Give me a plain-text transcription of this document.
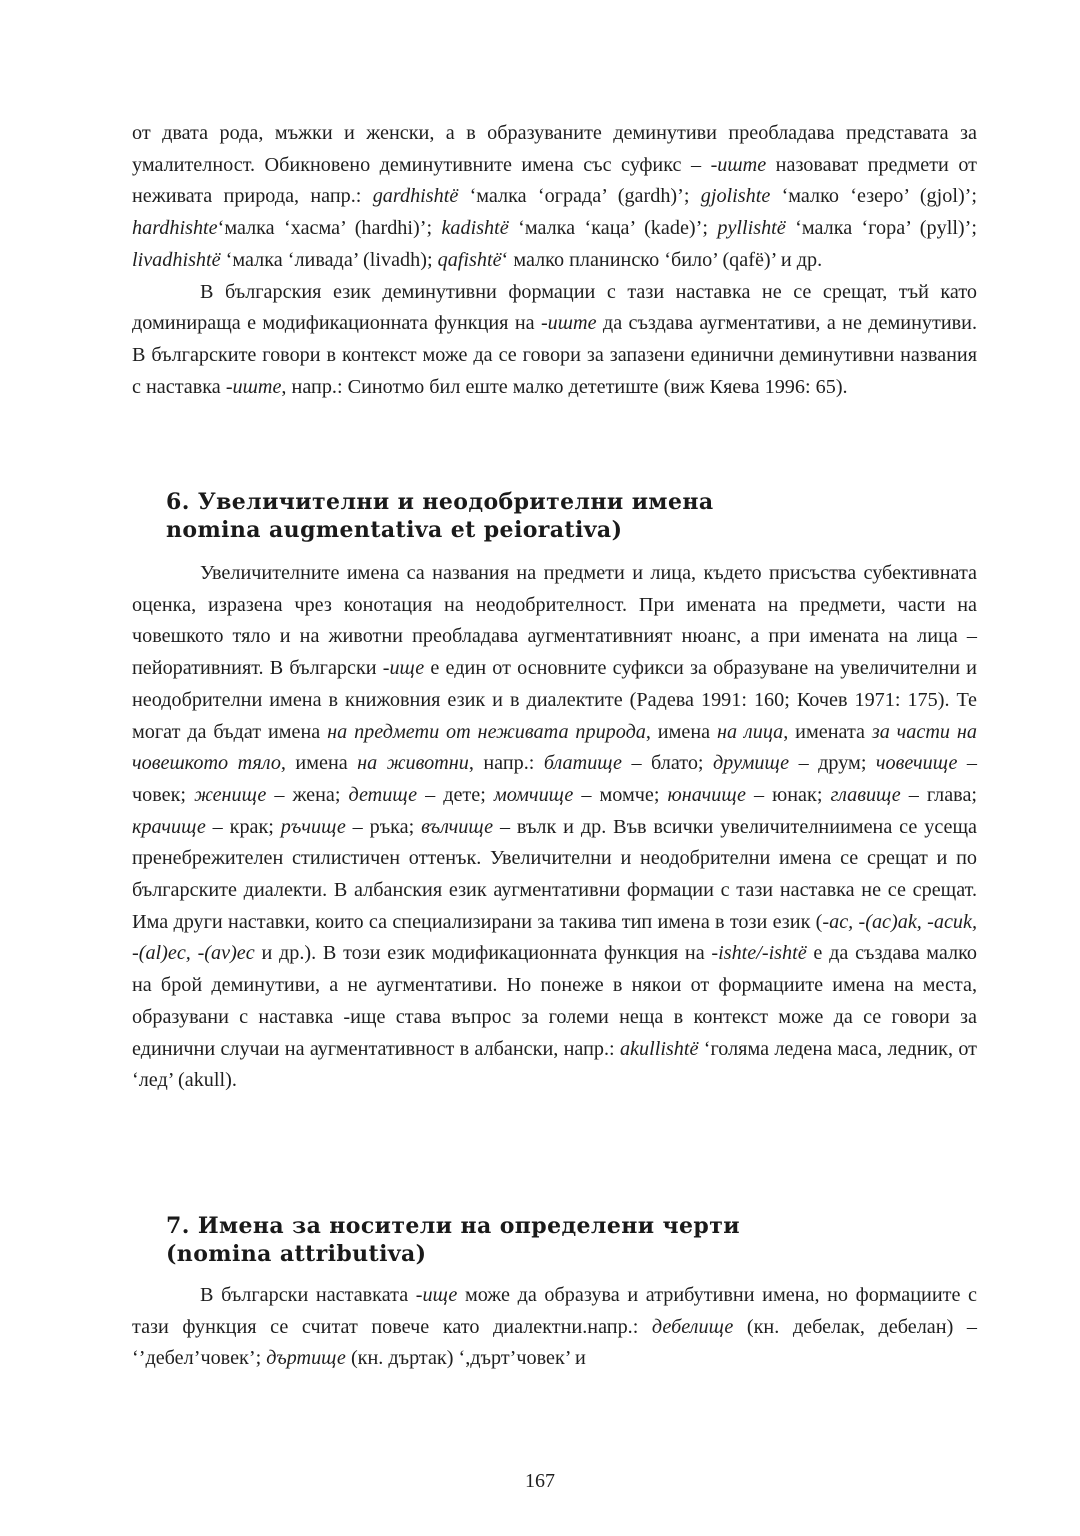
от двата рода, мъжки и женски, а в образуваните деминутиви преобладава представата за умалителност. Обикновено деминутивните имена със суфикс – -иште назовават предмети от неживата природа, напр.: gardhishtë ‘малка ‘ограда’ (gardh)’; gjolishte ‘малко ‘езеро’ (gjol)’; hardhishte‘малка ‘хасма’ (hardhi)’; kadishtë ‘малка ‘каца’ (kade)’; pyllishtë ‘малка ‘гора’ (pyll)’; livadhishtë ‘малка ‘ливада’ (livadh); qafishtë‘ малко планинско ‘било’ (qafë)’ и др.

В българския език деминутивни формации с тази наставка не се срещат, тъй като доминираща е модификационната функция на -иште да създава аугментативи, а не деминутиви. В българските говори в контекст може да се говори за запазени единични деминутивни названия с наставка -иште, напр.: Синотмо бил еште малко дететиште (виж Кяева 1996: 65).

6. Увеличителни и неодобрителни имена
nomina augmentativa et peiorativa)

Увеличителните имена са названия на предмети и лица, където присъства субективната оценка, изразена чрез конотация на неодобрителност. При имената на предмети, части на човешкото тяло и на животни преобладава аугментативният нюанс, а при имената на лица – пейоративният. В български -ище е един от основните суфикси за образуване на увеличителни и неодобрителни имена в книжовния език и в диалектите (Радева 1991: 160; Кочев 1971: 175). Те могат да бъдат имена на предмети от неживата природа, имена на лица, имената за части на човешкото тяло, имена на животни, напр.: блатище – блато; друмище – друм; човечище – човек; женище – жена; детище – дете; момчище – момче; юначище – юнак; главище – глава; крачище – крак; ръчище – ръка; вълчище – вълк и др. Във всички увеличителниимена се усеща пренебрежителен стилистичен оттенък. Увеличителни и неодобрителни имена се срещат и по българските диалекти. В албанския език аугментативни формации с тази наставка не се срещат. Има други наставки, които са специализирани за такива тип имена в този език (-ac, -(ac)ak, -acuk, -(al)ec, -(av)ec и др.). В този език модификационната функция на -ishte/-ishtë е да създава малко на брой деминутиви, а не аугментативи. Но понеже в някои от формациите имена на места, образувани с наставка -ище става въпрос за големи неща в контекст може да се говори за единични случаи на аугментативност в албански, напр.: akullishtë ‘голяма ледена маса, ледник, от ‘лед’ (akull).

7. Имена за носители на определени черти
(nomina attributiva)

В български наставката -ище може да образува и атрибутивни имена, но формациите с тази функция се считат повече като диалектни.напр.: дебелище (кн. дебелак, дебелан) – ‘’дебел’човек’; дъртище (кн. дъртак) ‘,дърт’човек’ и

167
